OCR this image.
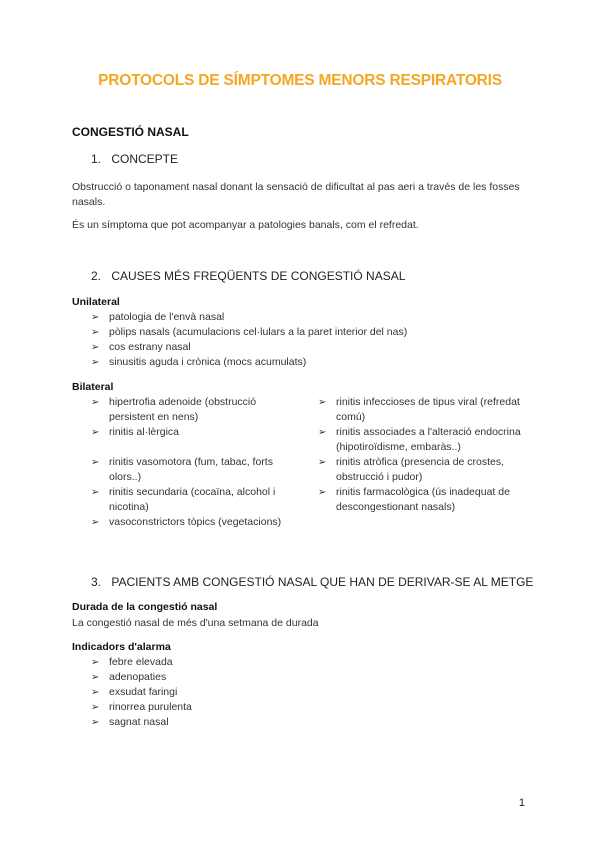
PROTOCOLS DE SÍMPTOMES MENORS RESPIRATORIS
CONGESTIÓ NASAL
1. CONCEPTE
Obstrucció o taponament nasal donant la sensació de dificultat al pas aeri a través de les fosses nasals.
És un símptoma que pot acompanyar a patologies banals, com el refredat.
2. CAUSES MÉS FREQÜENTS DE CONGESTIÓ NASAL
Unilateral
➢ patologia de l'envà nasal
➢ pòlips nasals (acumulacions cel·lulars a la paret interior del nas)
➢ cos estrany nasal
➢ sinusitis aguda i crònica (mocs acumulats)
Bilateral
➢ hipertrofia adenoide (obstrucció persistent en nens)
➢ rinitis al·lèrgica
➢ rinitis vasomotora (fum, tabac, forts olors..)
➢ rinitis secundaria (cocaïna, alcohol i nicotina)
➢ vasoconstrictors tòpics (vegetacions)
➢ rinitis infeccioses de tipus viral (refredat comú)
➢ rinitis associades a l'alteració endocrina (hipotiroïdisme, embaràs..)
➢ rinitis atròfica (presencia de crostes, obstrucció i pudor)
➢ rinitis farmacològica (ús inadequat de descongestionant nasals)
3. PACIENTS AMB CONGESTIÓ NASAL QUE HAN DE DERIVAR-SE AL METGE
Durada de la congestió nasal
La congestió nasal de més d'una setmana de durada
Indicadors d'alarma
➢ febre elevada
➢ adenopaties
➢ exsudat faringi
➢ rinorrea purulenta
➢ sagnat nasal
1
